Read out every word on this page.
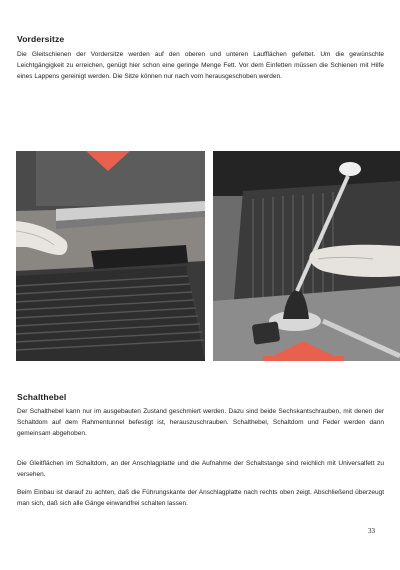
Vordersitze

Die Gleitschienen der Vordersitze werden auf den oberen und unteren Laufflächen gefettet. Um die gewünschte Leichtgängigkeit zu erreichen, genügt hier schon eine geringe Menge Fett. Vor dem Einfetten müssen die Schienen mit Hilfe eines Lappens gereinigt werden. Die Sitze können nur nach vorn herausgeschoben werden.

Schalthebel

Der Schalthebel kann nur im ausgebauten Zustand geschmiert werden. Dazu sind beide Sechskantschrauben, mit denen der Schaltdom auf dem Rahmentunnel befestigt ist, herauszuschrauben. Schalthebel, Schaltdom und Feder werden dann gemeinsam abgehoben.

Die Gleitflächen im Schaltdom, an der Anschlagplatte und die Aufnahme der Schaltstange sind reichlich mit Universalfett zu versehen.

Beim Einbau ist darauf zu achten, daß die Führungskante der Anschlagplatte nach rechts oben zeigt. Abschließend überzeugt man sich, daß sich alle Gänge einwandfrei schalten lassen.

33
